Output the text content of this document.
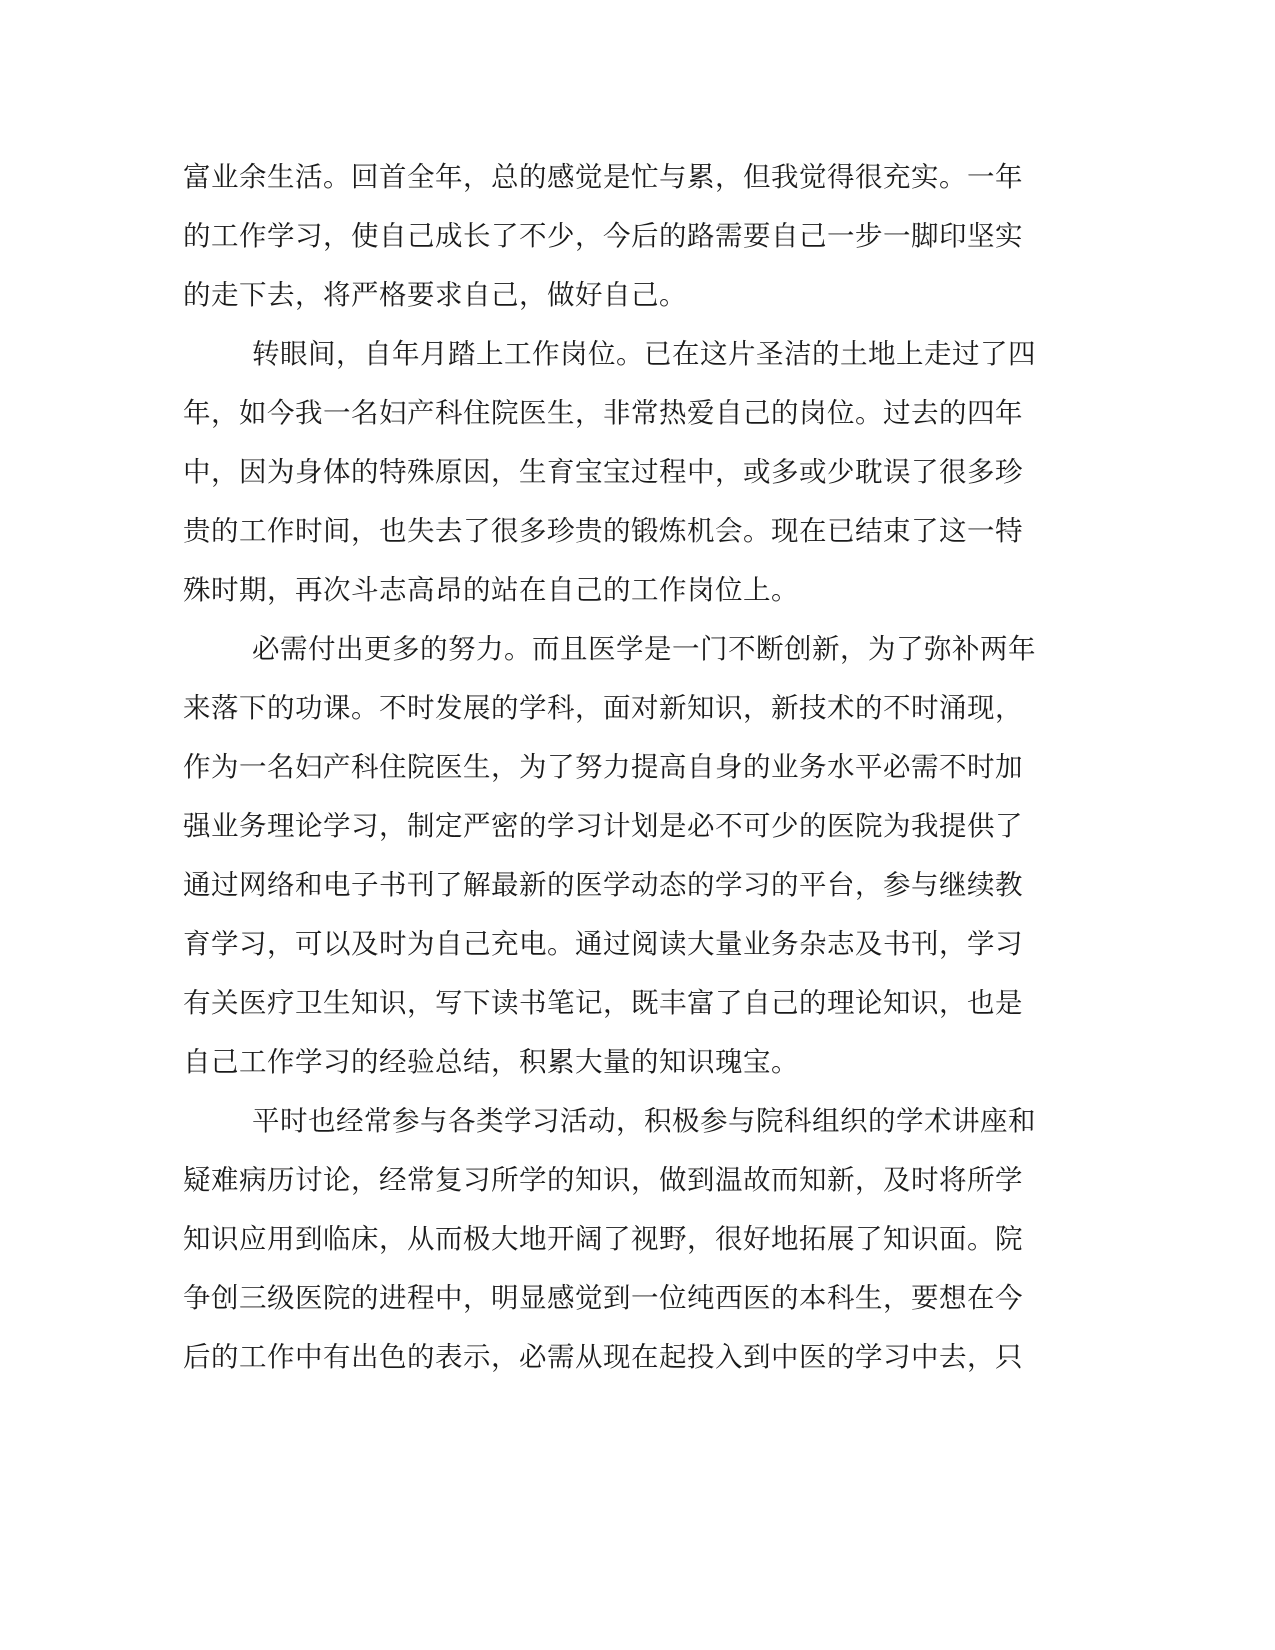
富业余生活。回首全年，总的感觉是忙与累，但我觉得很充实。一年
的工作学习，使自己成长了不少，今后的路需要自己一步一脚印坚实
的走下去，将严格要求自己，做好自己。
转眼间，自年月踏上工作岗位。已在这片圣洁的土地上走过了四
年，如今我一名妇产科住院医生，非常热爱自己的岗位。过去的四年
中，因为身体的特殊原因，生育宝宝过程中，或多或少耽误了很多珍
贵的工作时间，也失去了很多珍贵的锻炼机会。现在已结束了这一特
殊时期，再次斗志高昂的站在自己的工作岗位上。
必需付出更多的努力。而且医学是一门不断创新，为了弥补两年
来落下的功课。不时发展的学科，面对新知识，新技术的不时涌现，
作为一名妇产科住院医生，为了努力提高自身的业务水平必需不时加
强业务理论学习，制定严密的学习计划是必不可少的医院为我提供了
通过网络和电子书刊了解最新的医学动态的学习的平台，参与继续教
育学习，可以及时为自己充电。通过阅读大量业务杂志及书刊，学习
有关医疗卫生知识，写下读书笔记，既丰富了自己的理论知识，也是
自己工作学习的经验总结，积累大量的知识瑰宝。
平时也经常参与各类学习活动，积极参与院科组织的学术讲座和
疑难病历讨论，经常复习所学的知识，做到温故而知新，及时将所学
知识应用到临床，从而极大地开阔了视野，很好地拓展了知识面。院
争创三级医院的进程中，明显感觉到一位纯西医的本科生，要想在今
后的工作中有出色的表示，必需从现在起投入到中医的学习中去，只
